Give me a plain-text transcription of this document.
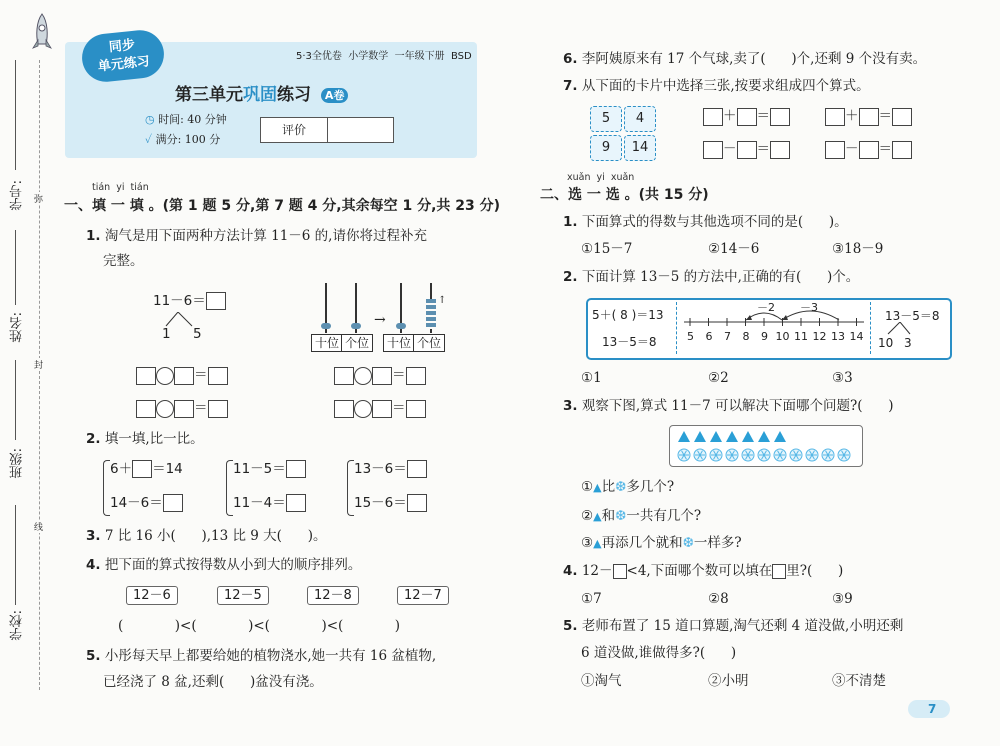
学号:
姓名:
班级:
学校:
弥
封
线
同步
单元练习	5·3全优卷  小学数学  一年级下册  BSD
第三单元巩固练习 A卷
◷ 时间: 40 分钟
✓ 满分: 100 分
评价
tián  yi  tián
一、填 一 填 。(第 1 题 5 分,第 7 题 4 分,其余每空 1 分,共 23 分)
1. 淘气是用下面两种方法计算 11－6 的,请你将过程补充
完整。
11－6＝
1 5
十位 个位
→
↑
十位 个位
＝
＝
＝
＝
2. 填一填,比一比。
6＋ ＝14
14－6＝
11－5＝
11－4＝
13－6＝
15－6＝
3. 7 比 16 小(      ),13 比 9 大(      )。
4. 把下面的算式按得数从小到大的顺序排列。
12－6	12－5	12－8	12－7
(            )<(            )<(            )<(            )
5. 小彤每天早上都要给她的植物浇水,她一共有 16 盆植物,
已经浇了 8 盆,还剩(      )盆没有浇。
6. 李阿姨原来有 17 个气球,卖了(      )个,还剩 9 个没有卖。
7. 从下面的卡片中选择三张,按要求组成四个算式。
5	4
9	14
＋ ＝	＋ ＝
－ ＝	－ ＝
xuǎn  yi  xuǎn
二、选 一 选 。(共 15 分)
1. 下面算式的得数与其他选项不同的是(      )。
①15－7	②14－6	③18－9
2. 下面计算 13－5 的方法中,正确的有(      )个。
5＋( 8 )＝13
13－5＝8
－2 －3
5 6 7 8 9 10 11 12 13 14
13－5＝8
10 3
①1	②2	③3
3. 观察下图,算式 11－7 可以解决下面哪个问题?(      )
①▲比❆多几个?
②▲和❆一共有几个?
③▲再添几个就和❆一样多?
4. 12－ <4,下面哪个数可以填在 里?(      )
①7	②8	③9
5. 老师布置了 15 道口算题,淘气还剩 4 道没做,小明还剩
6 道没做,谁做得多?(      )
①淘气	②小明	③不清楚
7
